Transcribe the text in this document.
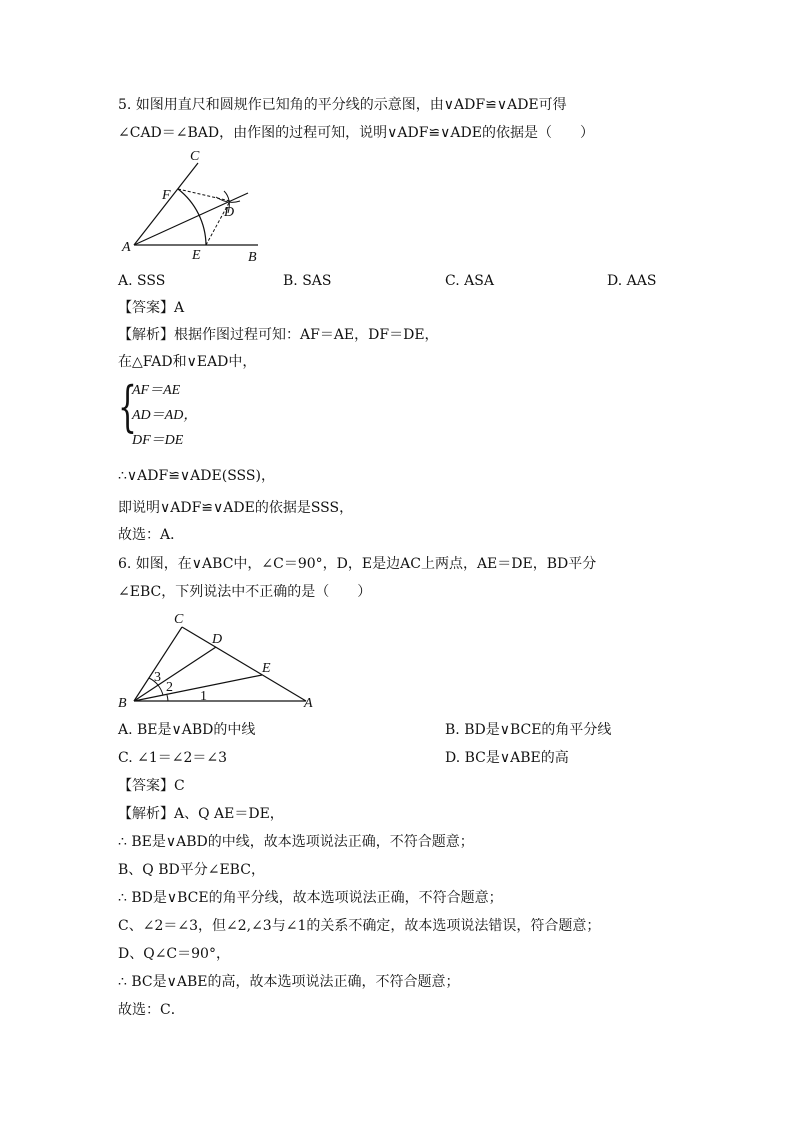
5. 如图用直尺和圆规作已知角的平分线的示意图，由∨ADF≌∨ADE可得
∠CAD＝∠BAD，由作图的过程可知，说明∨ADF≌∨ADE的依据是（　　）
C
F
D
A
E	B
A. SSS	B. SAS	C. ASA	D. AAS
【答案】A
【解析】根据作图过程可知：AF＝AE，DF＝DE，
在△FAD和∨EAD中，
{
AF＝AE
AD＝AD，
DF＝DE
∴∨ADF≌∨ADE(SSS)，
即说明∨ADF≌∨ADE的依据是SSS，
故选：A．
6. 如图，在∨ABC中，∠C＝90°，D，E是边AC上两点，AE＝DE，BD平分
∠EBC，下列说法中不正确的是（　　）
C
D
E
B	A
3
2
1
A. BE是∨ABD的中线	B. BD是∨BCE的角平分线
C. ∠1＝∠2＝∠3	D. BC是∨ABE的高
【答案】C
【解析】A、Q AE＝DE，
∴ BE是∨ABD的中线，故本选项说法正确，不符合题意；
B、Q BD平分∠EBC，
∴ BD是∨BCE的角平分线，故本选项说法正确，不符合题意；
C、∠2＝∠3，但∠2,∠3与∠1的关系不确定，故本选项说法错误，符合题意；
D、Q∠C＝90°，
∴ BC是∨ABE的高，故本选项说法正确，不符合题意；
故选：C．
